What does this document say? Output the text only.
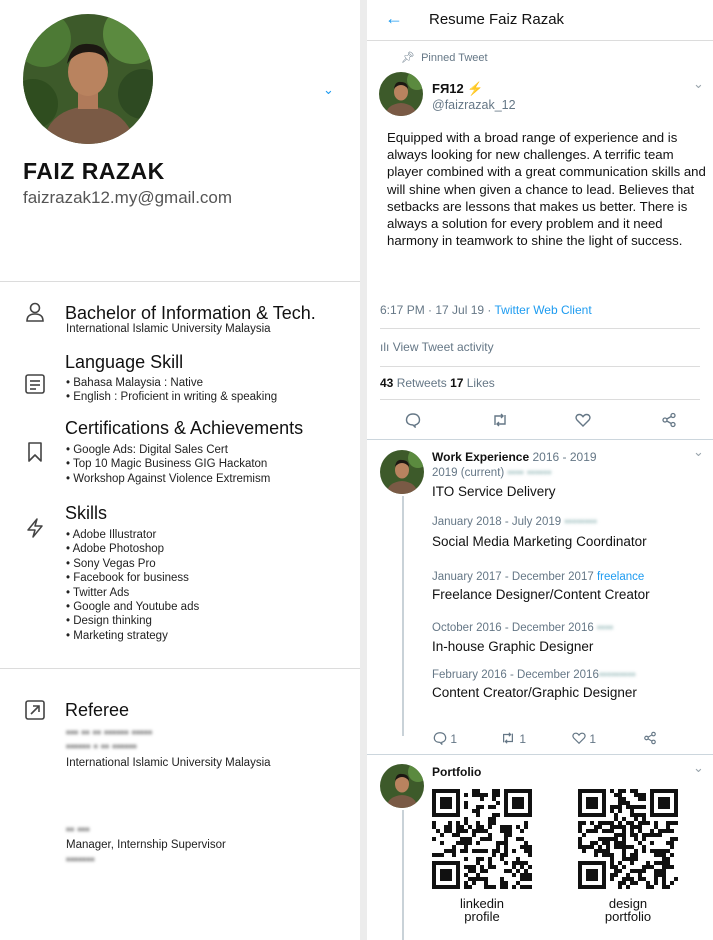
⌄
FAIZ RAZAK
faizrazak12.my@gmail.com
Bachelor of Information & Tech.
International Islamic University Malaysia
Language Skill
• Bahasa Malaysia : Native
• English : Proficient in writing & speaking
Certifications & Achievements
• Google Ads: Digital Sales Cert
• Top 10 Magic Business GIG Hackaton
• Workshop Against Violence Extremism
Skills
• Adobe Illustrator
• Adobe Photoshop
• Sony Vegas Pro
• Facebook for business
• Twitter Ads
• Google and Youtube ads
• Design thinking
• Marketing strategy
Referee
▪▪▪ ▪▪ ▪▪ ▪▪▪▪▪▪ ▪▪▪▪▪
▪▪▪▪▪▪ ▪ ▪▪ ▪▪▪▪▪▪
International Islamic University Malaysia
▪▪ ▪▪▪
Manager, Internship Supervisor
▪▪▪▪▪▪▪
← Resume Faiz Razak
📌︎ Pinned Tweet
FЯ12 ⚡
@faizrazak_12
⌄
Equipped with a broad range of experience and is always looking for new challenges. A terrific team player combined with a great communication skills and will shine when given a chance to lead. Believes that setbacks are lessons that makes us better. There is always a solution for every problem and it need harmony in teamwork to shine the light of success.
6:17 PM · 17 Jul 19 · Twitter Web Client
ılı View Tweet activity
43 Retweets 17 Likes
Work Experience 2016 - 2019	⌄
2019 (current) ▪▪▪▪ ▪▪▪▪▪▪
ITO Service Delivery
January 2018 - July 2019 ▪▪▪▪▪▪▪▪
Social Media Marketing Coordinator
January 2017 - December 2017 freelance
Freelance Designer/Content Creator
October 2016 - December 2016 ▪▪▪▪
In-house Graphic Designer
February 2016 - December 2016▪▪▪▪▪▪▪▪▪
Content Creator/Graphic Designer
1	1	1
Portfolio	⌄
linkedin profile
design portfolio
